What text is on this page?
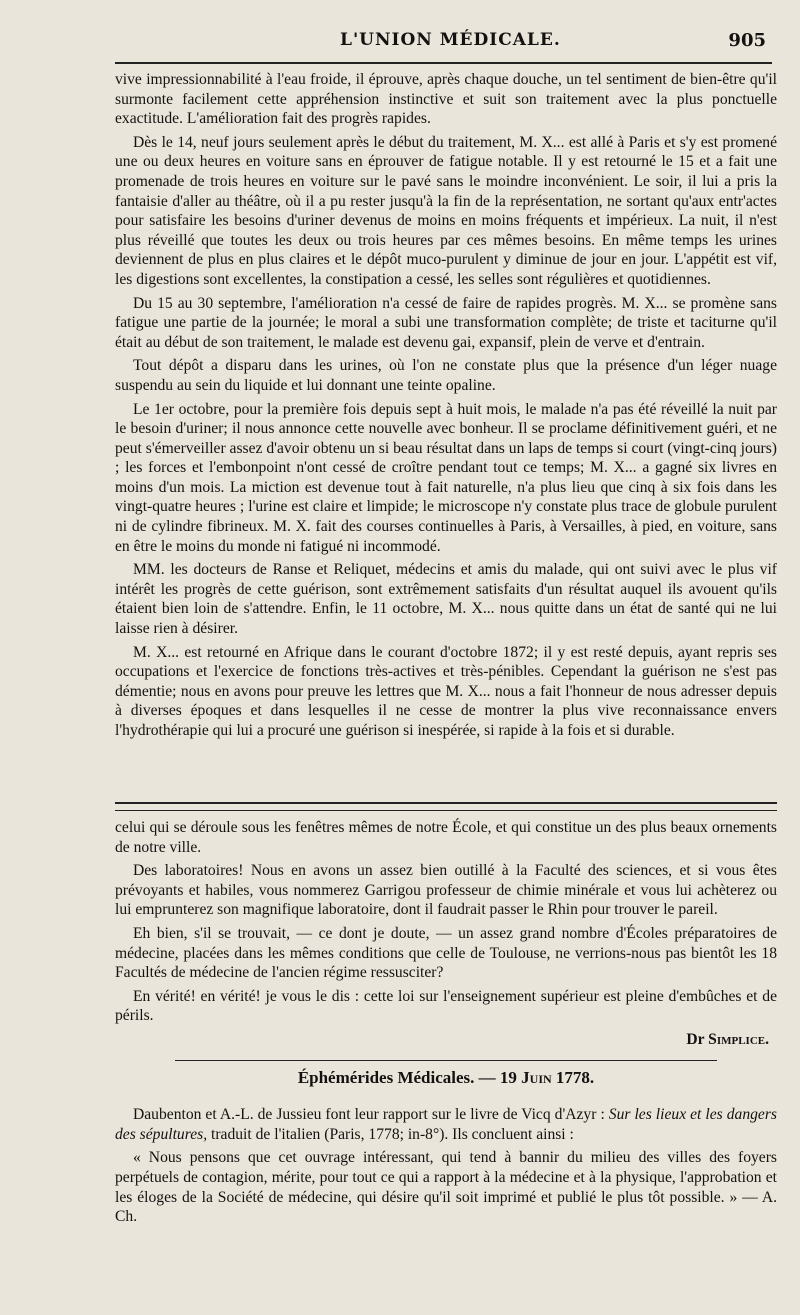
L'UNION MÉDICALE.	905

vive impressionnabilité à l'eau froide, il éprouve, après chaque douche, un tel sentiment de bien-être qu'il surmonte facilement cette appréhension instinctive et suit son traitement avec la plus ponctuelle exactitude. L'amélioration fait des progrès rapides.

Dès le 14, neuf jours seulement après le début du traitement, M. X... est allé à Paris et s'y est promené une ou deux heures en voiture sans en éprouver de fatigue notable. Il y est retourné le 15 et a fait une promenade de trois heures en voiture sur le pavé sans le moindre inconvénient. Le soir, il lui a pris la fantaisie d'aller au théâtre, où il a pu rester jusqu'à la fin de la représentation, ne sortant qu'aux entr'actes pour satisfaire les besoins d'uriner devenus de moins en moins fréquents et impérieux. La nuit, il n'est plus réveillé que toutes les deux ou trois heures par ces mêmes besoins. En même temps les urines deviennent de plus en plus claires et le dépôt muco-purulent y diminue de jour en jour. L'appétit est vif, les digestions sont excellentes, la constipation a cessé, les selles sont régulières et quotidiennes.

Du 15 au 30 septembre, l'amélioration n'a cessé de faire de rapides progrès. M. X... se promène sans fatigue une partie de la journée; le moral a subi une transformation complète; de triste et taciturne qu'il était au début de son traitement, le malade est devenu gai, expansif, plein de verve et d'entrain.

Tout dépôt a disparu dans les urines, où l'on ne constate plus que la présence d'un léger nuage suspendu au sein du liquide et lui donnant une teinte opaline.

Le 1er octobre, pour la première fois depuis sept à huit mois, le malade n'a pas été réveillé la nuit par le besoin d'uriner; il nous annonce cette nouvelle avec bonheur. Il se proclame définitivement guéri, et ne peut s'émerveiller assez d'avoir obtenu un si beau résultat dans un laps de temps si court (vingt-cinq jours) ; les forces et l'embonpoint n'ont cessé de croître pendant tout ce temps; M. X... a gagné six livres en moins d'un mois. La miction est devenue tout à fait naturelle, n'a plus lieu que cinq à six fois dans les vingt-quatre heures ; l'urine est claire et limpide; le microscope n'y constate plus trace de globule purulent ni de cylindre fibrineux. M. X. fait des courses continuelles à Paris, à Versailles, à pied, en voiture, sans en être le moins du monde ni fatigué ni incommodé.

MM. les docteurs de Ranse et Reliquet, médecins et amis du malade, qui ont suivi avec le plus vif intérêt les progrès de cette guérison, sont extrêmement satisfaits d'un résultat auquel ils avouent qu'ils étaient bien loin de s'attendre. Enfin, le 11 octobre, M. X... nous quitte dans un état de santé qui ne lui laisse rien à désirer.

M. X... est retourné en Afrique dans le courant d'octobre 1872; il y est resté depuis, ayant repris ses occupations et l'exercice de fonctions très-actives et très-pénibles. Cependant la guérison ne s'est pas démentie; nous en avons pour preuve les lettres que M. X... nous a fait l'honneur de nous adresser depuis à diverses époques et dans lesquelles il ne cesse de montrer la plus vive reconnaissance envers l'hydrothérapie qui lui a procuré une guérison si inespérée, si rapide à la fois et si durable.

celui qui se déroule sous les fenêtres mêmes de notre École, et qui constitue un des plus beaux ornements de notre ville.

Des laboratoires! Nous en avons un assez bien outillé à la Faculté des sciences, et si vous êtes prévoyants et habiles, vous nommerez Garrigou professeur de chimie minérale et vous lui achèterez ou lui emprunterez son magnifique laboratoire, dont il faudrait passer le Rhin pour trouver le pareil.

Eh bien, s'il se trouvait, — ce dont je doute, — un assez grand nombre d'Écoles préparatoires de médecine, placées dans les mêmes conditions que celle de Toulouse, ne verrions-nous pas bientôt les 18 Facultés de médecine de l'ancien régime ressusciter?

En vérité! en vérité! je vous le dis : cette loi sur l'enseignement supérieur est pleine d'embûches et de périls.

Dr Simplice.
Éphémérides Médicales. — 19 Juin 1778.

Daubenton et A.-L. de Jussieu font leur rapport sur le livre de Vicq d'Azyr : Sur les lieux et les dangers des sépultures, traduit de l'italien (Paris, 1778; in-8°). Ils concluent ainsi :

« Nous pensons que cet ouvrage intéressant, qui tend à bannir du milieu des villes des foyers perpétuels de contagion, mérite, pour tout ce qui a rapport à la médecine et à la physique, l'approbation et les éloges de la Société de médecine, qui désire qu'il soit imprimé et publié le plus tôt possible. » — A. Ch.
